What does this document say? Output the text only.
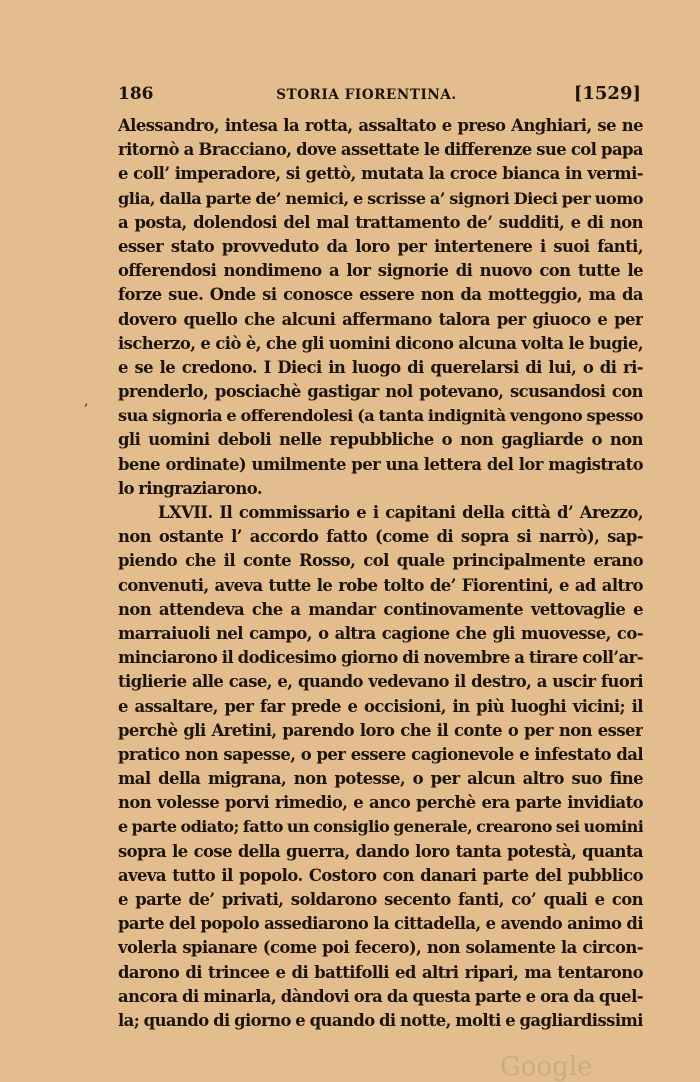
186	STORIA FIORENTINA.	[1529]
Alessandro, intesa la rotta, assaltato e preso Anghiari, se ne
ritornò a Bracciano, dove assettate le differenze sue col papa
e coll’ imperadore, si gettò, mutata la croce bianca in vermi-
glia, dalla parte de’ nemici, e scrisse a’ signori Dieci per uomo
a posta, dolendosi del mal trattamento de’ sudditi, e di non
esser stato provveduto da loro per intertenere i suoi fanti,
offerendosi nondimeno a lor signorie di nuovo con tutte le
forze sue. Onde si conosce essere non da motteggio, ma da
dovero quello che alcuni affermano talora per giuoco e per
ischerzo, e ciò è, che gli uomini dicono alcuna volta le bugie,
e se le credono. I Dieci in luogo di querelarsi di lui, o di ri-
prenderlo, posciachè gastigar nol potevano, scusandosi con
sua signoria e offerendolesi (a tanta indignità vengono spesso
gli uomini deboli nelle repubbliche o non gagliarde o non
bene ordinate) umilmente per una lettera del lor magistrato
lo ringraziarono.
LXVII. Il commissario e i capitani della città d’ Arezzo,
non ostante l’ accordo fatto (come di sopra si narrò), sap-
piendo che il conte Rosso, col quale principalmente erano
convenuti, aveva tutte le robe tolto de’ Fiorentini, e ad altro
non attendeva che a mandar continovamente vettovaglie e
marraiuoli nel campo, o altra cagione che gli muovesse, co-
minciarono il dodicesimo giorno di novembre a tirare coll’ar-
tiglierie alle case, e, quando vedevano il destro, a uscir fuori
e assaltare, per far prede e occisioni, in più luoghi vicini; il
perchè gli Aretini, parendo loro che il conte o per non esser
pratico non sapesse, o per essere cagionevole e infestato dal
mal della migrana, non potesse, o per alcun altro suo fine
non volesse porvi rimedio, e anco perchè era parte invidiato
e parte odiato; fatto un consiglio generale, crearono sei uomini
sopra le cose della guerra, dando loro tanta potestà, quanta
aveva tutto il popolo. Costoro con danari parte del pubblico
e parte de’ privati, soldarono secento fanti, co’ quali e con
parte del popolo assediarono la cittadella, e avendo animo di
volerla spianare (come poi fecero), non solamente la circon-
darono di trincee e di battifolli ed altri ripari, ma tentarono
ancora di minarla, dàndovi ora da questa parte e ora da quel-
la; quando di giorno e quando di notte, molti e gagliardissimi
,
Google
